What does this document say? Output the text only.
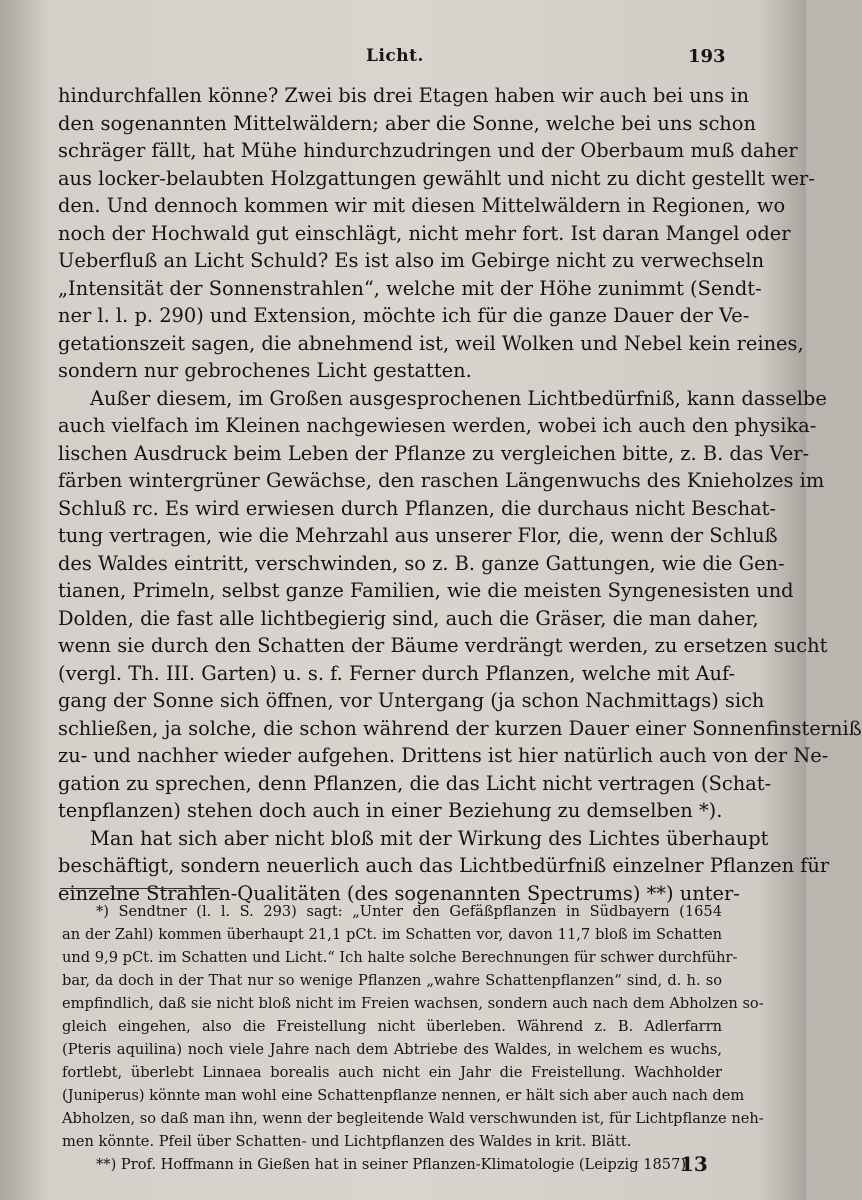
Licht.	193
hindurchfallen könne? Zwei bis drei Etagen haben wir auch bei uns in
den sogenannten Mittelwäldern; aber die Sonne, welche bei uns schon
schräger fällt, hat Mühe hindurchzudringen und der Oberbaum muß daher
aus locker-belaubten Holzgattungen gewählt und nicht zu dicht gestellt wer-
den. Und dennoch kommen wir mit diesen Mittelwäldern in Regionen, wo
noch der Hochwald gut einschlägt, nicht mehr fort. Ist daran Mangel oder
Ueberfluß an Licht Schuld? Es ist also im Gebirge nicht zu verwechseln
„Intensität der Sonnenstrahlen“, welche mit der Höhe zunimmt (Sendt-
ner l. l. p. 290) und Extension, möchte ich für die ganze Dauer der Ve-
getationszeit sagen, die abnehmend ist, weil Wolken und Nebel kein reines,
sondern nur gebrochenes Licht gestatten.
Außer diesem, im Großen ausgesprochenen Lichtbedürfniß, kann dasselbe
auch vielfach im Kleinen nachgewiesen werden, wobei ich auch den physika-
lischen Ausdruck beim Leben der Pflanze zu vergleichen bitte, z. B. das Ver-
färben wintergrüner Gewächse, den raschen Längenwuchs des Knieholzes im
Schluß rc. Es wird erwiesen durch Pflanzen, die durchaus nicht Beschat-
tung vertragen, wie die Mehrzahl aus unserer Flor, die, wenn der Schluß
des Waldes eintritt, verschwinden, so z. B. ganze Gattungen, wie die Gen-
tianen, Primeln, selbst ganze Familien, wie die meisten Syngenesisten und
Dolden, die fast alle lichtbegierig sind, auch die Gräser, die man daher,
wenn sie durch den Schatten der Bäume verdrängt werden, zu ersetzen sucht
(vergl. Th. III. Garten) u. s. f. Ferner durch Pflanzen, welche mit Auf-
gang der Sonne sich öffnen, vor Untergang (ja schon Nachmittags) sich
schließen, ja solche, die schon während der kurzen Dauer einer Sonnenfinsterniß
zu- und nachher wieder aufgehen. Drittens ist hier natürlich auch von der Ne-
gation zu sprechen, denn Pflanzen, die das Licht nicht vertragen (Schat-
tenpflanzen) stehen doch auch in einer Beziehung zu demselben *).
Man hat sich aber nicht bloß mit der Wirkung des Lichtes überhaupt
beschäftigt, sondern neuerlich auch das Lichtbedürfniß einzelner Pflanzen für
einzelne Strahlen-Qualitäten (des sogenannten Spectrums) **) unter-
*) Sendtner (l. l. S. 293) sagt: „Unter den Gefäßpflanzen in Südbayern (1654
an der Zahl) kommen überhaupt 21,1 pCt. im Schatten vor, davon 11,7 bloß im Schatten
und 9,9 pCt. im Schatten und Licht.“ Ich halte solche Berechnungen für schwer durchführ-
bar, da doch in der That nur so wenige Pflanzen „wahre Schattenpflanzen“ sind, d. h. so
empfindlich, daß sie nicht bloß nicht im Freien wachsen, sondern auch nach dem Abholzen so-
gleich eingehen, also die Freistellung nicht überleben. Während z. B. Adlerfarrn
(Pteris aquilina) noch viele Jahre nach dem Abtriebe des Waldes, in welchem es wuchs,
fortlebt, überlebt Linnaea borealis auch nicht ein Jahr die Freistellung. Wachholder
(Juniperus) könnte man wohl eine Schattenpflanze nennen, er hält sich aber auch nach dem
Abholzen, so daß man ihn, wenn der begleitende Wald verschwunden ist, für Lichtpflanze neh-
men könnte. Pfeil über Schatten- und Lichtpflanzen des Waldes in krit. Blätt.
**) Prof. Hoffmann in Gießen hat in seiner Pflanzen-Klimatologie (Leipzig 1857)
13
